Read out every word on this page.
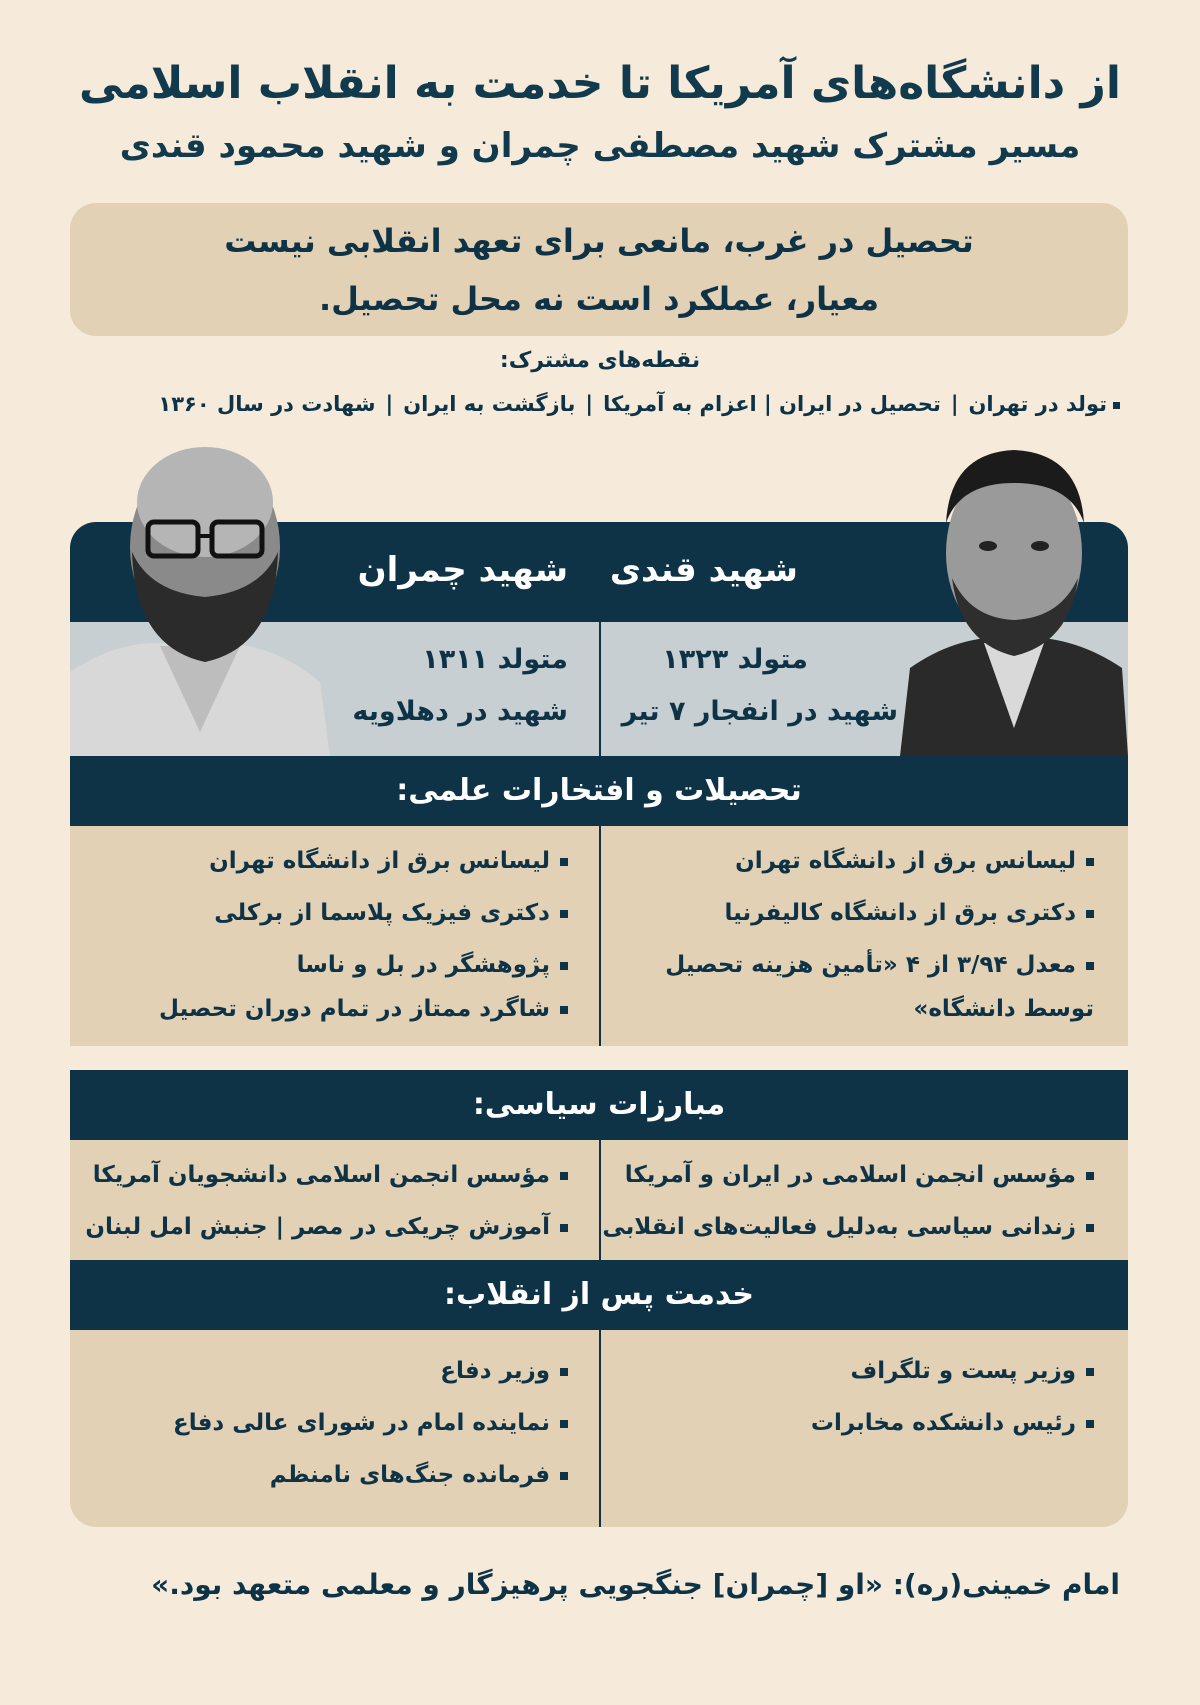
از دانشگاه‌های آمریکا تا خدمت به انقلاب اسلامی
مسیر مشترک شهید مصطفی چمران و شهید محمود قندی
تحصیل در غرب، مانعی برای تعهد انقلابی نیست
معیار، عملکرد است نه محل تحصیل.
نقطه‌های مشترک:
تولد در تهران|تحصیل در ایران | اعزام به آمریکا|بازگشت به ایران|شهادت در سال ۱۳۶۰
شهید قندی
شهید چمران
متولد ۱۳۲۳
شهید در انفجار ۷ تیر
متولد ۱۳۱۱
شهید در دهلاویه
تحصیلات و افتخارات علمی:
لیسانس برق از دانشگاه تهران
دکتری برق از دانشگاه کالیفرنیا
معدل ۳/۹۴ از ۴ «تأمین هزینه تحصیل
توسط دانشگاه»
لیسانس برق از دانشگاه تهران
دکتری فیزیک پلاسما از برکلی
پژوهشگر در بل و ناسا
شاگرد ممتاز در تمام دوران تحصیل
مبارزات سیاسی:
مؤسس انجمن اسلامی در ایران و آمریکا
زندانی سیاسی به‌دلیل فعالیت‌های انقلابی
مؤسس انجمن اسلامی دانشجویان آمریکا
آموزش چریکی در مصر | جنبش امل لبنان
خدمت پس از انقلاب:
وزیر پست و تلگراف
رئیس دانشکده مخابرات
وزیر دفاع
نماینده امام در شورای عالی دفاع
فرمانده جنگ‌های نامنظم
امام خمینی(ره): «او [چمران] جنگجویی پرهیزگار و معلمی متعهد بود.»
